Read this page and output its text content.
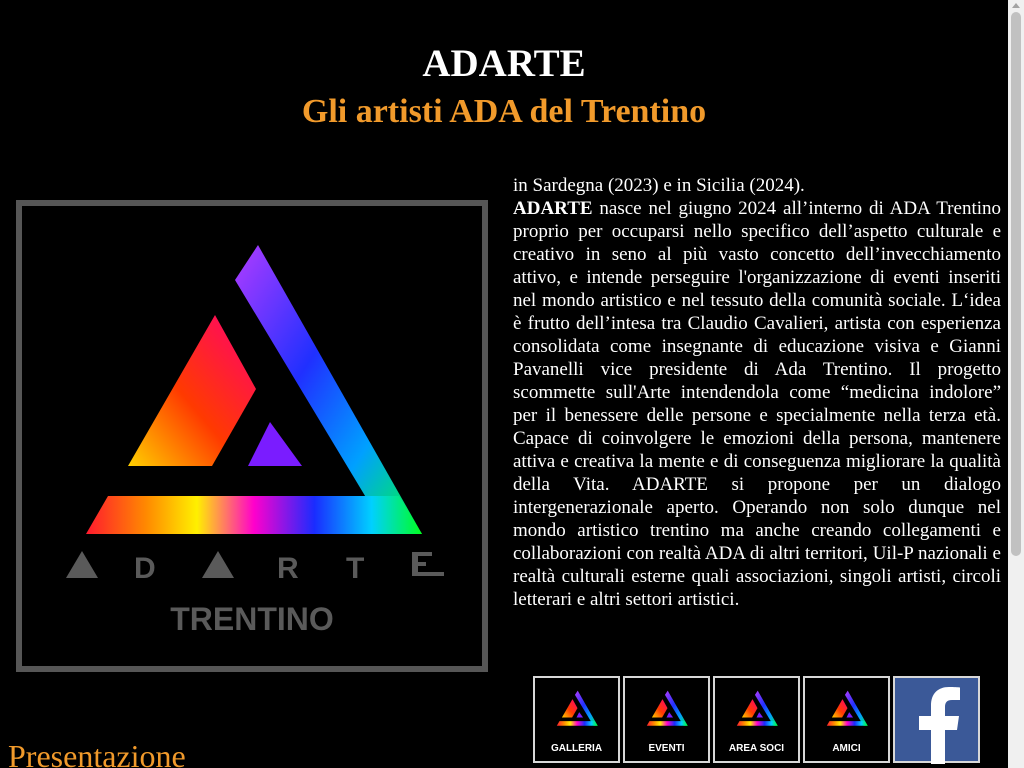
ADARTE
Gli artisti ADA del Trentino
D	R T
TRENTINO

in Sardegna (2023) e in Sicilia (2024).

ADARTE nasce nel giugno 2024 all’interno di ADA Trentino proprio per occuparsi nello specifico dell’aspetto culturale e creativo in seno al più vasto concetto dell’invecchiamento attivo, e intende perseguire l'organizzazione di eventi inseriti nel mondo artistico e nel tessuto della comunità sociale. L‘idea è frutto dell’intesa tra Claudio Cavalieri, artista con esperienza consolidata come insegnante di educazione visiva e Gianni Pavanelli vice presidente di Ada Trentino. Il progetto scommette sull'Arte intendendola come “medicina indolore” per il benessere delle persone e specialmente nella terza età. Capace di coinvolgere le emozioni della persona, mantenere attiva e creativa la mente e di conseguenza migliorare la qualità della Vita. ADARTE si propone per un dialogo intergenerazionale aperto. Operando non solo dunque nel mondo artistico trentino ma anche creando collegamenti e collaborazioni con realtà ADA di altri territori, Uil-P nazionali e realtà culturali esterne quali associazioni, singoli artisti, circoli letterari e altri settori artistici.

GALLERIA	EVENTI	AREA SOCI	AMICI
Presentazione
